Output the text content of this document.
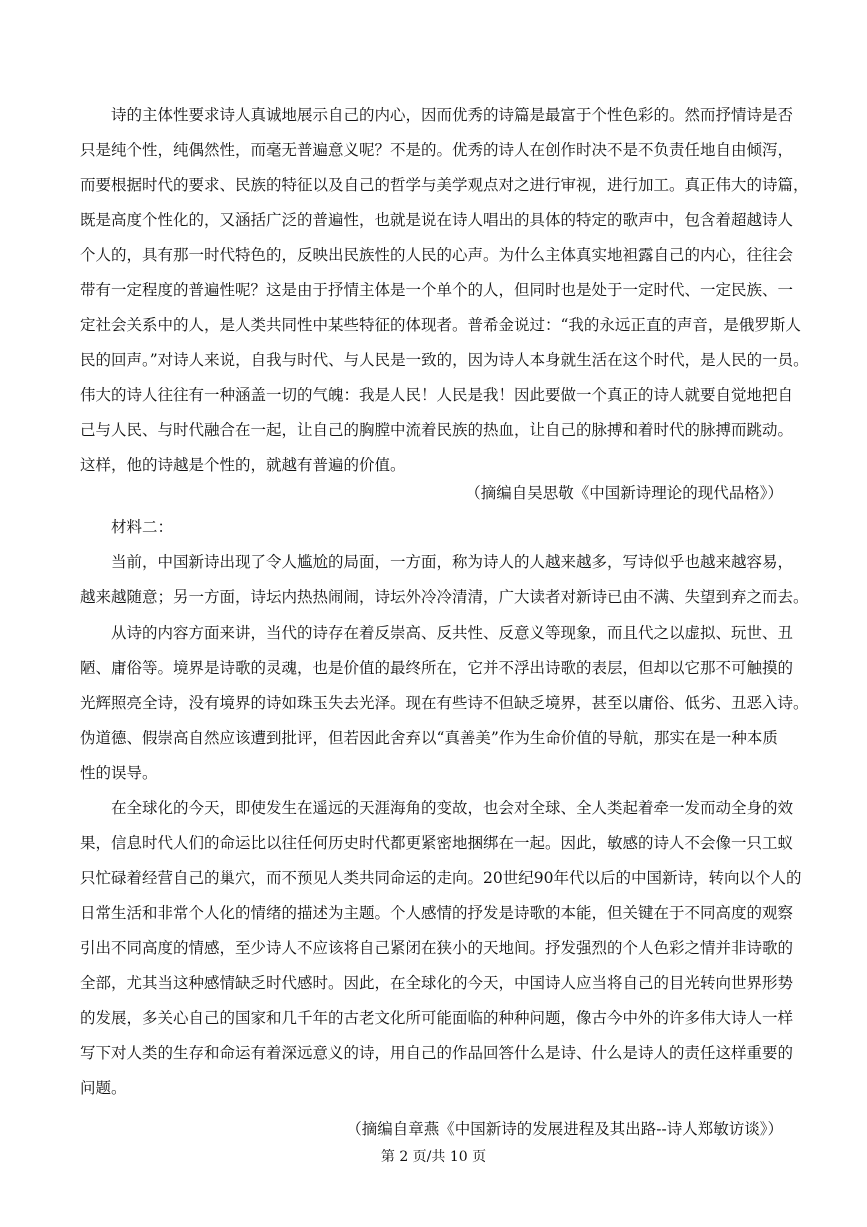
诗的主体性要求诗人真诚地展示自己的内心，因而优秀的诗篇是最富于个性色彩的。然而抒情诗是否
只是纯个性，纯偶然性，而毫无普遍意义呢？不是的。优秀的诗人在创作时决不是不负责任地自由倾泻，
而要根据时代的要求、民族的特征以及自己的哲学与美学观点对之进行审视，进行加工。真正伟大的诗篇，
既是高度个性化的，又涵括广泛的普遍性，也就是说在诗人唱出的具体的特定的歌声中，包含着超越诗人
个人的，具有那一时代特色的，反映出民族性的人民的心声。为什么主体真实地袒露自己的内心，往往会
带有一定程度的普遍性呢？这是由于抒情主体是一个单个的人，但同时也是处于一定时代、一定民族、一
定社会关系中的人，是人类共同性中某些特征的体现者。普希金说过：“我的永远正直的声音，是俄罗斯人
民的回声。”对诗人来说，自我与时代、与人民是一致的，因为诗人本身就生活在这个时代，是人民的一员。
伟大的诗人往往有一种涵盖一切的气魄：我是人民！人民是我！因此要做一个真正的诗人就要自觉地把自
己与人民、与时代融合在一起，让自己的胸膛中流着民族的热血，让自己的脉搏和着时代的脉搏而跳动。
这样，他的诗越是个性的，就越有普遍的价值。
（摘编自吴思敬《中国新诗理论的现代品格》）
材料二：
当前，中国新诗出现了令人尴尬的局面，一方面，称为诗人的人越来越多，写诗似乎也越来越容易，
越来越随意；另一方面，诗坛内热热闹闹，诗坛外冷冷清清，广大读者对新诗已由不满、失望到弃之而去。
从诗的内容方面来讲，当代的诗存在着反崇高、反共性、反意义等现象，而且代之以虚拟、玩世、丑
陋、庸俗等。境界是诗歌的灵魂，也是价值的最终所在，它并不浮出诗歌的表层，但却以它那不可触摸的
光辉照亮全诗，没有境界的诗如珠玉失去光泽。现在有些诗不但缺乏境界，甚至以庸俗、低劣、丑恶入诗。
伪道德、假崇高自然应该遭到批评，但若因此舍弃以“真善美”作为生命价值的导航，那实在是一种本质
性的误导。
在全球化的今天，即使发生在遥远的天涯海角的变故，也会对全球、全人类起着牵一发而动全身的效
果，信息时代人们的命运比以往任何历史时代都更紧密地捆绑在一起。因此，敏感的诗人不会像一只工蚁
只忙碌着经营自己的巢穴，而不预见人类共同命运的走向。20世纪90年代以后的中国新诗，转向以个人的
日常生活和非常个人化的情绪的描述为主题。个人感情的抒发是诗歌的本能，但关键在于不同高度的观察
引出不同高度的情感，至少诗人不应该将自己紧闭在狭小的天地间。抒发强烈的个人色彩之情并非诗歌的
全部，尤其当这种感情缺乏时代感时。因此，在全球化的今天，中国诗人应当将自己的目光转向世界形势
的发展，多关心自己的国家和几千年的古老文化所可能面临的种种问题，像古今中外的许多伟大诗人一样
写下对人类的生存和命运有着深远意义的诗，用自己的作品回答什么是诗、什么是诗人的责任这样重要的
问题。
（摘编自章燕《中国新诗的发展进程及其出路--诗人郑敏访谈》）
第 2 页/共 10 页
